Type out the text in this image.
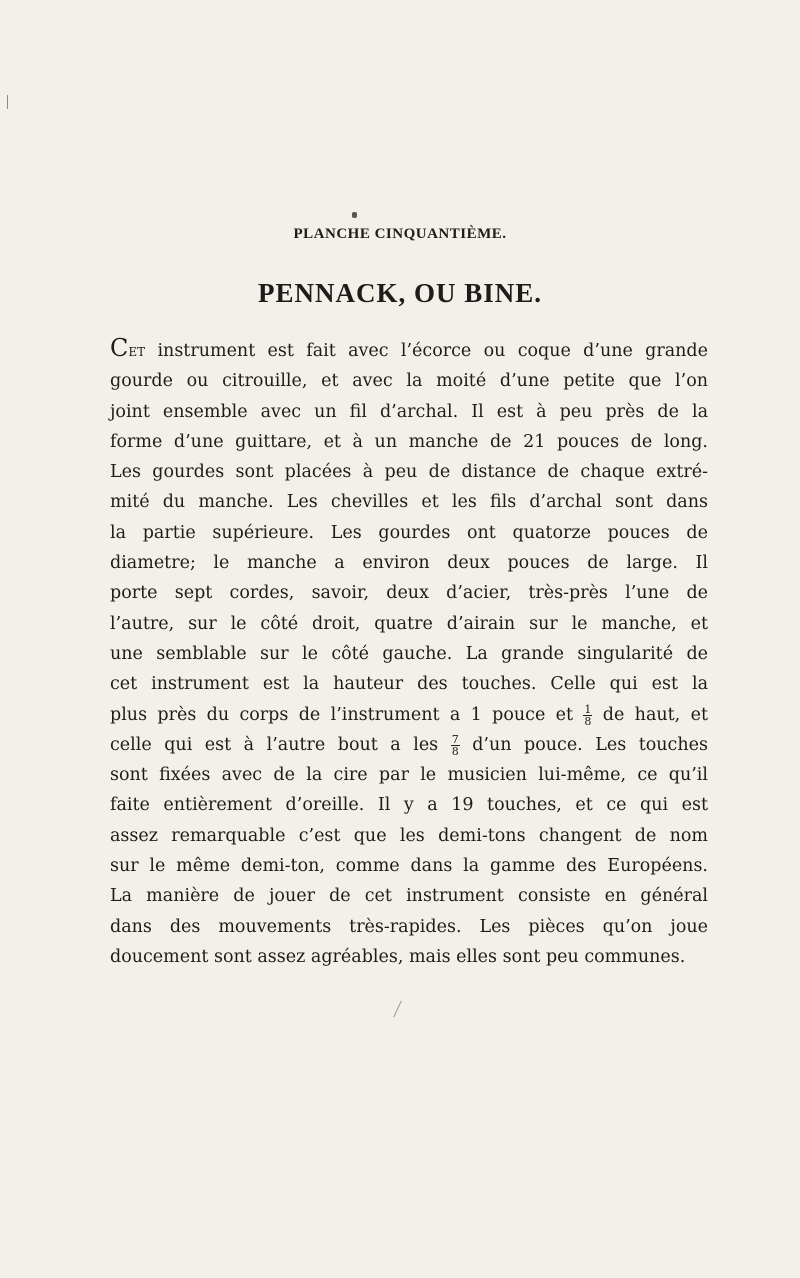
PLANCHE CINQUANTIÈME.
PENNACK, OU BINE.
Cet instrument est fait avec l’écorce ou coque d’une grande
gourde ou citrouille, et avec la moité d’une petite que l’on
joint ensemble avec un fil d’archal. Il est à peu près de la
forme d’une guittare, et à un manche de 21 pouces de long.
Les gourdes sont placées à peu de distance de chaque extré-
mité du manche. Les chevilles et les fils d’archal sont dans
la partie supérieure. Les gourdes ont quatorze pouces de
diametre; le manche a environ deux pouces de large. Il
porte sept cordes, savoir, deux d’acier, très-près l’une de
l’autre, sur le côté droit, quatre d’airain sur le manche, et
une semblable sur le côté gauche. La grande singularité de
cet instrument est la hauteur des touches. Celle qui est la
plus près du corps de l’instrument a 1 pouce et $\frac{1}{8}$ de haut, et
celle qui est à l’autre bout a les $\frac{7}{8}$ d’un pouce. Les touches
sont fixées avec de la cire par le musicien lui-même, ce qu’il
faite entièrement d’oreille. Il y a 19 touches, et ce qui est
assez remarquable c’est que les demi-tons changent de nom
sur le même demi-ton, comme dans la gamme des Européens.
La manière de jouer de cet instrument consiste en général
dans des mouvements très-rapides. Les pièces qu’on joue
doucement sont assez agréables, mais elles sont peu communes.
